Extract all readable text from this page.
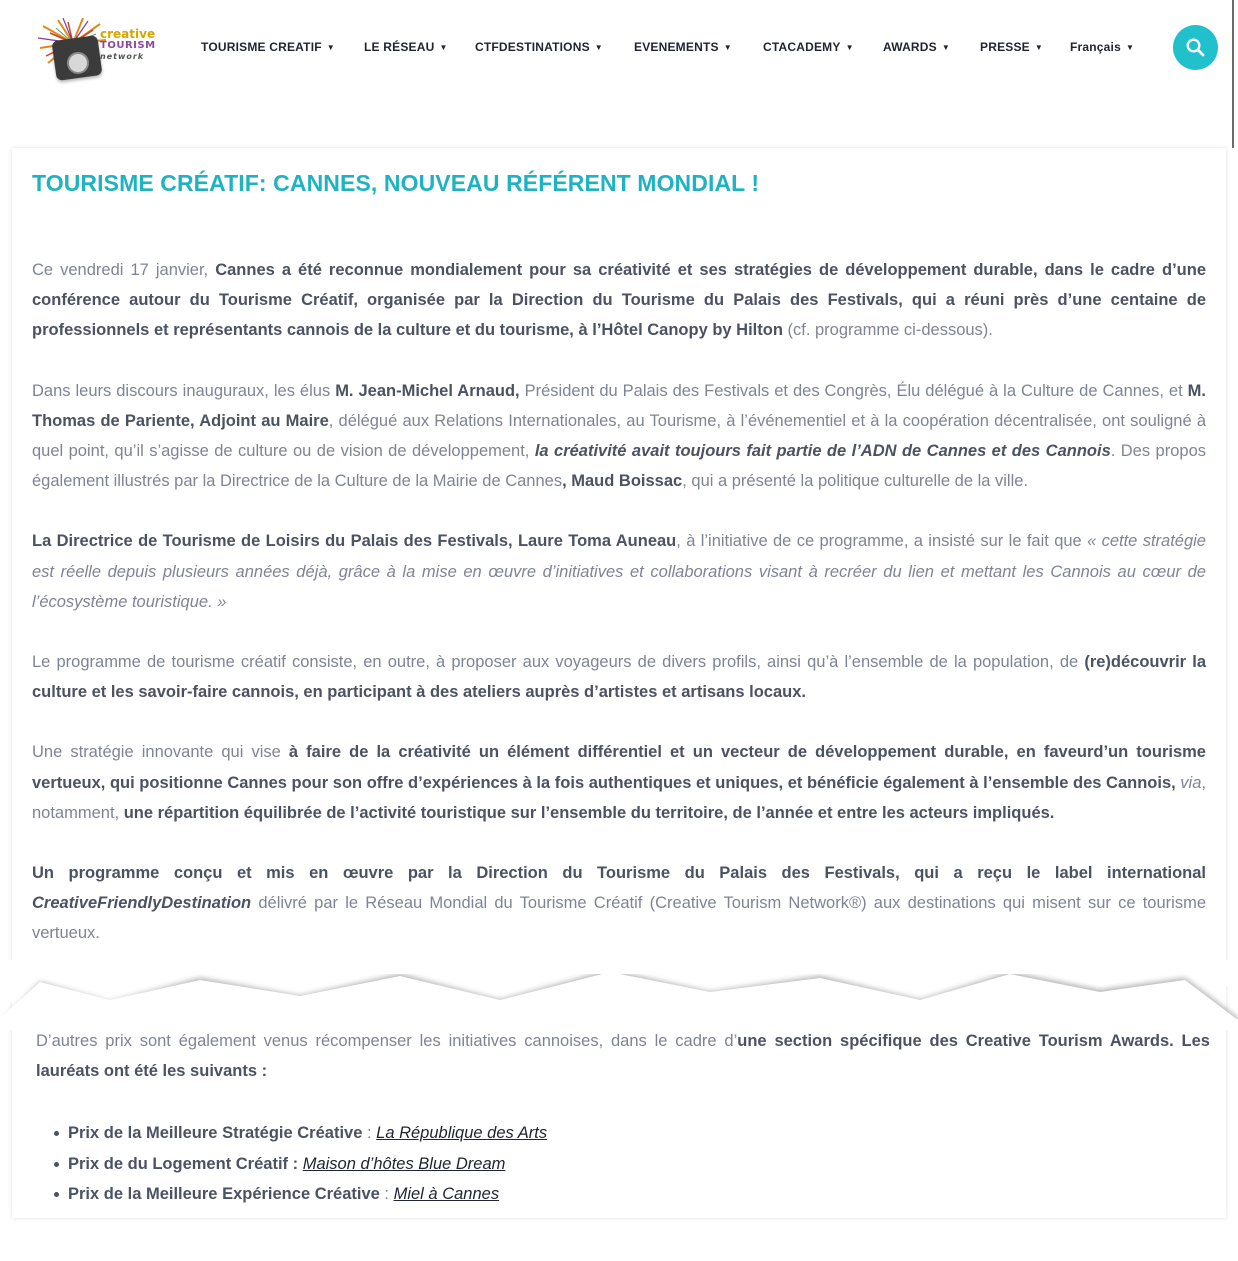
creative
TOURISM
network
TOURISME CREATIF ▼ LE RÉSEAU ▼ CTFDESTINATIONS ▼	EVENEMENTS ▼	CTACADEMY ▼ AWARDS ▼	PRESSE ▼ Français ▼
TOURISME CRÉATIF: CANNES, NOUVEAU RÉFÉRENT MONDIAL !

Ce vendredi 17 janvier, Cannes a été reconnue mondialement pour sa créativité et ses stratégies de développement durable, dans le cadre d’une conférence autour du Tourisme Créatif, organisée par la Direction du Tourisme du Palais des Festivals, qui a réuni près d’une centaine de professionnels et représentants cannois de la culture et du tourisme, à l’Hôtel Canopy by Hilton (cf. programme ci-dessous).

Dans leurs discours inauguraux, les élus M. Jean-Michel Arnaud, Président du Palais des Festivals et des Congrès, Élu délégué à la Culture de Cannes, et M. Thomas de Pariente, Adjoint au Maire, délégué aux Relations Internationales, au Tourisme, à l’événementiel et à la coopération décentralisée, ont souligné à quel point, qu’il s’agisse de culture ou de vision de développement, la créativité avait toujours fait partie de l’ADN de Cannes et des Cannois. Des propos également illustrés par la Directrice de la Culture de la Mairie de Cannes, Maud Boissac, qui a présenté la politique culturelle de la ville.

La Directrice de Tourisme de Loisirs du Palais des Festivals, Laure Toma Auneau, à l’initiative de ce programme, a insisté sur le fait que « cette stratégie est réelle depuis plusieurs années déjà, grâce à la mise en œuvre d’initiatives et collaborations visant à recréer du lien et mettant les Cannois au cœur de l’écosystème touristique. »

Le programme de tourisme créatif consiste, en outre, à proposer aux voyageurs de divers profils, ainsi qu’à l’ensemble de la population, de (re)découvrir la culture et les savoir-faire cannois, en participant à des ateliers auprès d’artistes et artisans locaux.

Une stratégie innovante qui vise à faire de la créativité un élément différentiel et un vecteur de développement durable, en faveurd’un tourisme vertueux, qui positionne Cannes pour son offre d’expériences à la fois authentiques et uniques, et bénéficie également à l’ensemble des Cannois, via, notamment, une répartition équilibrée de l’activité touristique sur l’ensemble du territoire, de l’année et entre les acteurs impliqués.

Un programme conçu et mis en œuvre par la Direction du Tourisme du Palais des Festivals, qui a reçu le label international CreativeFriendlyDestination délivré par le Réseau Mondial du Tourisme Créatif (Creative Tourism Network®) aux destinations qui misent sur ce tourisme vertueux.

D’autres prix sont également venus récompenser les initiatives cannoises, dans le cadre d’une section spécifique des Creative Tourism Awards. Les lauréats ont été les suivants :

Prix de la Meilleure Stratégie Créative : La République des Arts
Prix de du Logement Créatif : Maison d’hôtes Blue Dream
Prix de la Meilleure Expérience Créative : Miel à Cannes
